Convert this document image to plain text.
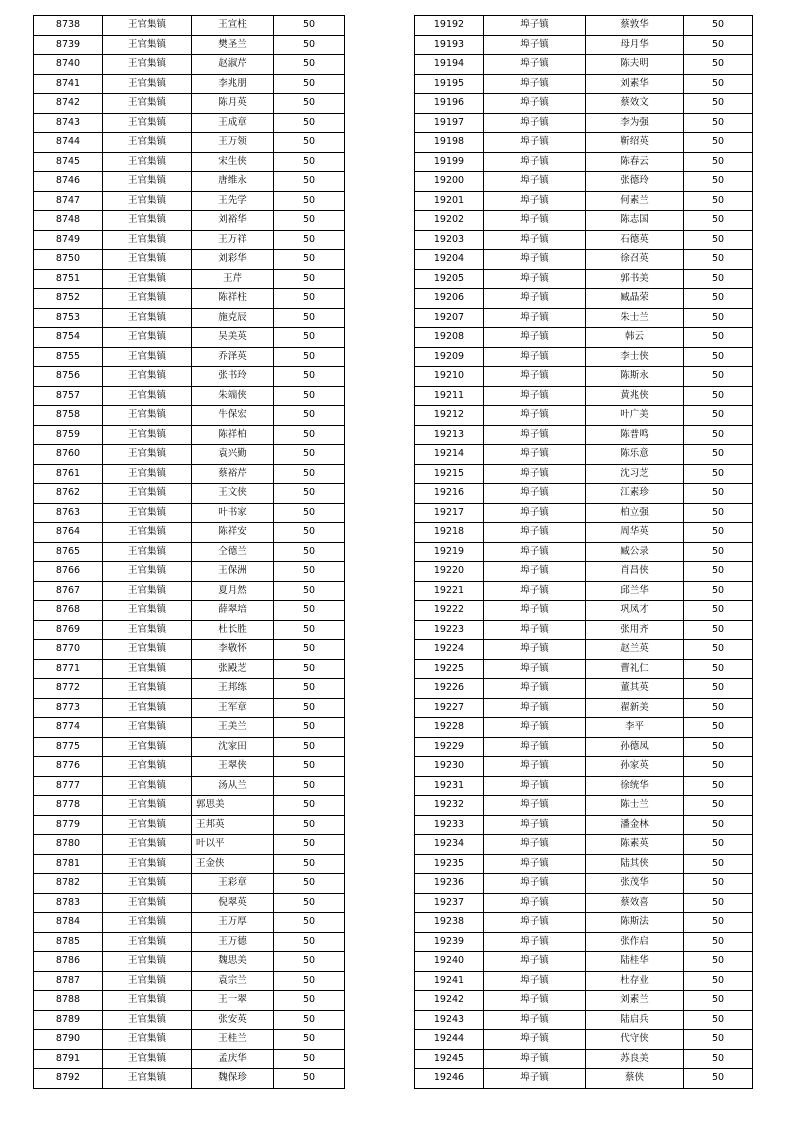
8738	王官集镇	王宣柱	50
8739	王官集镇	樊圣兰	50
8740	王官集镇	赵淑芹	50
8741	王官集镇	李兆朋	50
8742	王官集镇	陈月英	50
8743	王官集镇	王成章	50
8744	王官集镇	王万领	50
8745	王官集镇	宋生侠	50
8746	王官集镇	唐维永	50
8747	王官集镇	王先学	50
8748	王官集镇	刘裕华	50
8749	王官集镇	王万祥	50
8750	王官集镇	刘彩华	50
8751	王官集镇	王芹	50
8752	王官集镇	陈祥柱	50
8753	王官集镇	施克辰	50
8754	王官集镇	吴美英	50
8755	王官集镇	乔泽英	50
8756	王官集镇	张书玲	50
8757	王官集镇	朱端侠	50
8758	王官集镇	牛保宏	50
8759	王官集镇	陈祥柏	50
8760	王官集镇	袁兴勤	50
8761	王官集镇	蔡裕芹	50
8762	王官集镇	王文侠	50
8763	王官集镇	叶书家	50
8764	王官集镇	陈祥安	50
8765	王官集镇	仝德兰	50
8766	王官集镇	王保洲	50
8767	王官集镇	夏月然	50
8768	王官集镇	薛翠培	50
8769	王官集镇	杜长胜	50
8770	王官集镇	李敬怀	50
8771	王官集镇	张殿芝	50
8772	王官集镇	王邦练	50
8773	王官集镇	王军章	50
8774	王官集镇	王美兰	50
8775	王官集镇	沈家田	50
8776	王官集镇	王翠侠	50
8777	王官集镇	汤从兰	50
8778	王官集镇	郭思美	50
8779	王官集镇	王邦英	50
8780	王官集镇	叶以平	50
8781	王官集镇	王金侠	50
8782	王官集镇	王彩章	50
8783	王官集镇	倪翠英	50
8784	王官集镇	王万厚	50
8785	王官集镇	王万德	50
8786	王官集镇	魏思美	50
8787	王官集镇	袁宗兰	50
8788	王官集镇	王一翠	50
8789	王官集镇	张安英	50
8790	王官集镇	王桂兰	50
8791	王官集镇	孟庆华	50
8792	王官集镇	魏保珍	50
19192	埠子镇	蔡敦华	50
19193	埠子镇	母月华	50
19194	埠子镇	陈夫明	50
19195	埠子镇	刘素华	50
19196	埠子镇	蔡效文	50
19197	埠子镇	李为强	50
19198	埠子镇	靳绍英	50
19199	埠子镇	陈春云	50
19200	埠子镇	张德玲	50
19201	埠子镇	何素兰	50
19202	埠子镇	陈志国	50
19203	埠子镇	石德英	50
19204	埠子镇	徐召英	50
19205	埠子镇	郭书美	50
19206	埠子镇	臧晶荣	50
19207	埠子镇	朱士兰	50
19208	埠子镇	韩云	50
19209	埠子镇	李士侠	50
19210	埠子镇	陈斯永	50
19211	埠子镇	黄兆侠	50
19212	埠子镇	叶广美	50
19213	埠子镇	陈普鸣	50
19214	埠子镇	陈乐意	50
19215	埠子镇	沈习芝	50
19216	埠子镇	江素珍	50
19217	埠子镇	柏立强	50
19218	埠子镇	周华英	50
19219	埠子镇	臧公录	50
19220	埠子镇	肖昌侠	50
19221	埠子镇	邱兰华	50
19222	埠子镇	巩凤才	50
19223	埠子镇	张用齐	50
19224	埠子镇	赵兰英	50
19225	埠子镇	曹礼仁	50
19226	埠子镇	董其英	50
19227	埠子镇	翟新美	50
19228	埠子镇	李平	50
19229	埠子镇	孙德凤	50
19230	埠子镇	孙家英	50
19231	埠子镇	徐统华	50
19232	埠子镇	陈士兰	50
19233	埠子镇	潘金林	50
19234	埠子镇	陈素英	50
19235	埠子镇	陆其侠	50
19236	埠子镇	张茂华	50
19237	埠子镇	蔡效喜	50
19238	埠子镇	陈斯法	50
19239	埠子镇	张作启	50
19240	埠子镇	陆桂华	50
19241	埠子镇	杜存业	50
19242	埠子镇	刘素兰	50
19243	埠子镇	陆启兵	50
19244	埠子镇	代守侠	50
19245	埠子镇	苏良美	50
19246	埠子镇	蔡侠	50
